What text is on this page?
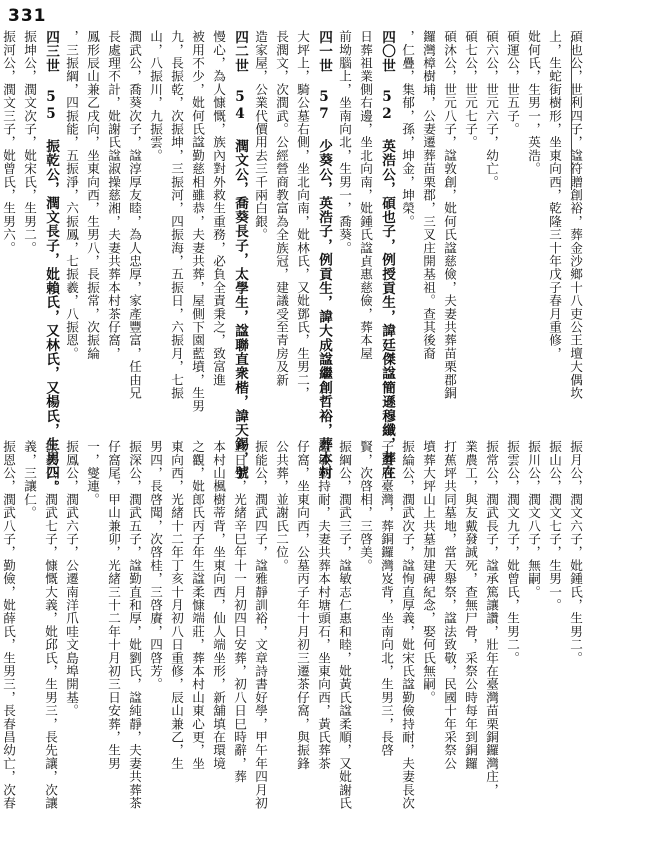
331
碩也公，世利四子，諡符贈創裕，葬金沙鄉十八吏公王壇大偶坎
上，生蛇街樹形，坐東向西，乾隆三十年戊子春月重修，
妣何氏，生男一，英浩。
碩運公，世五子。
碩六公，世元六子，幼亡。
碩七公，世元七子。
碩沐公，世元八子，諡敦創，妣何氏諡慈儉，夫妻共葬苗栗郡銅
鑼灣樟樹埔，公妻遷葬苗栗郡，三叉庄開基祖。查其後裔
，仁疊，集郁，孫，坤金，坤榮。
四〇世 52 英浩公，碩也子，例授貢生，諱廷傑諡簡遜穆纖，葬在
日葬祖業側右邊，坐北向南，妣鍾氏諡貞惠慈儉，葬本屋
前坳腦上，坐南向北，生男一，喬葵。
四一世 57 少葵公，英浩子，例貢生，諱大成諡繼創哲裕，葬本村
大坪上，騎公墓右側，坐北向南，妣林氏，又妣鄧氏，生男二，
長潤文，次潤武。公經營商教富為全族冠，建議受至青房及新
造家屋，公業代價用去三千兩白銀。
四二世 54 潤文公，喬葵長子，太學生，諡聯直衆楷，諱天錫，號
慢心，為人慷慨，族內對外救生重務，必負全責秉之，致富進
被用不少，妣何氏諡勤慈相雖恭，夫妻共葬，屋側下園藍墳，生男
九，長振乾，次振坤，三振河，四振海，五振日，六振月，七振
山，八振川，九振雲。
潤武公，喬葵次子，諡淳厚友睦，為人忠厚，家產豐富，任由兄
長處理不計，妣謝氏諡淑操慈湘，夫妻共葬本村茶仔窩，
鳳形辰山兼乙戌向，坐東向西，生男八，長振常，次振綸
，三振綱，四振能，五振淨，六振鳳，七振羲，八振恩。
四三世 55 振乾公，潤文長子，妣賴氏，又林氏，又楊氏，生男四。
振坤公，潤文次子，妣宋氏，生男二。
振河公，潤文三子，妣曾氏，生男六。
振月公，潤文六子，妣鍾氏，生男二。
振山公，潤文七子，生男一。
振川公，潤文八子，無嗣。
振雲公，潤文九子，妣曾氏，生男二。
振常公，潤武長子，諡承篤讓讚，壯年在臺灣苗栗銅鑼灣庄，
業農工，與友戴發誠死，查無尸骨，采祭公時每年到銅鑼
打蕉坪共同墓地，當天舉祭，諡法致敬，民國十年采祭公
墳葬大坪山上共墓加建碑紀念，娶何氏無嗣。
振綸公，潤武次子，諡恂直厚義，妣宋氏諡勤儉持耐，夫妻長次
子遷居臺灣，葬銅鑼灣岌背，坐南向北，生男三，長啓
賢，次啓相，三啓美。
振綱公，潤武三子，諡敏志仁惠和睦，妣黃氏諡柔順，又妣謝氏
諡敏勤持耐，夫妻共葬本村塘頭石，坐東向西，黃氏葬茶
仔窩，坐東向西，公墓丙子年十月初三遷茶仔窩，與振鋒
公共葬，並謝氏二位。
振能公，潤武四子，諡雅靜訓裕，文章詩書好學，甲午年四月初
五日生，光緒辛巳年十一月初四日安葬，初八日巳時辭，葬
本村山楓樹蒂背，坐東向西，仙人端坐形，新舖填在環境
之觀，妣郎氏丙子年生諡柔慷端莊，葬本村山東心更，坐
東向西，光緒十二年丁亥十月初八日重修，辰山兼乙，生
男四，長啓聞，次啓桂，三啓賡，四啓芳。
振深公，潤武五子，諡勤直和厚，妣劉氏，諡純靜，夫妻共葬茶
仔窩尾，甲山兼卯，光緒三十二年十月初三日安葬，生男
一，燮連。
振鳳公，潤武六子，公遷南洋爪哇文島埠開基。
振羲公，潤武七子，慷慨大義，妣邱氏，生男三，長先讓，次讓
義，三讓仁。
振恩公，潤武八子，勤儉，妣薛氏，生男三，長春昌幼亡，次春
